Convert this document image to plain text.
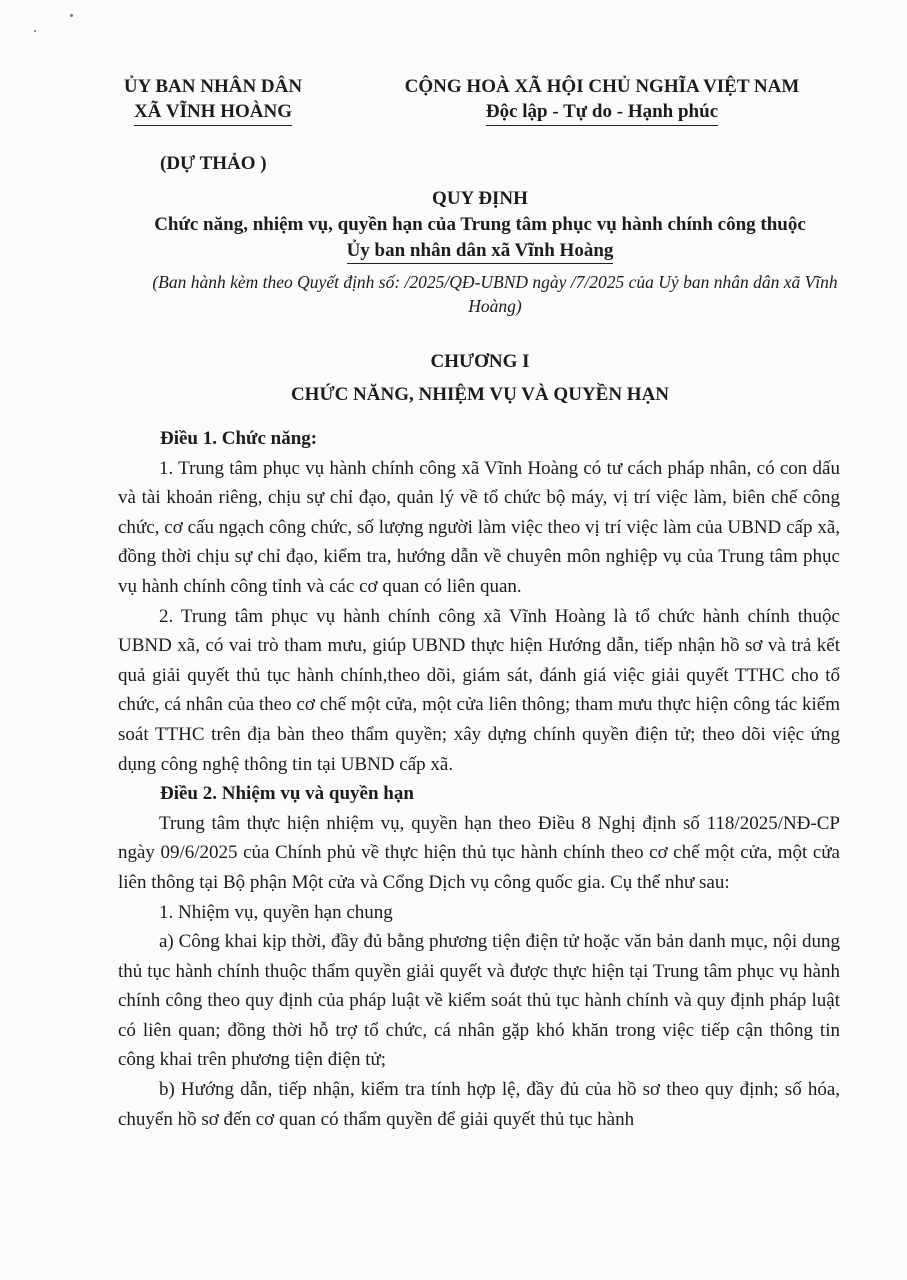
ỦY BAN NHÂN DÂN
XÃ VĨNH HOÀNG
CỘNG HOÀ XÃ HỘI CHỦ NGHĨA VIỆT NAM
Độc lập - Tự do - Hạnh phúc
(DỰ THẢO )
QUY ĐỊNH
Chức năng, nhiệm vụ, quyền hạn của Trung tâm phục vụ hành chính công thuộc
Ủy ban nhân dân xã Vĩnh Hoàng
(Ban hành kèm theo Quyết định số: /2025/QĐ-UBND ngày /7/2025 của Uỷ ban nhân dân xã Vĩnh Hoàng)
CHƯƠNG I
CHỨC NĂNG, NHIỆM VỤ VÀ QUYỀN HẠN

Điều 1. Chức năng:

1. Trung tâm phục vụ hành chính công xã Vĩnh Hoàng có tư cách pháp nhân, có con dấu và tài khoản riêng, chịu sự chỉ đạo, quản lý về tổ chức bộ máy, vị trí việc làm, biên chế công chức, cơ cấu ngạch công chức, số lượng người làm việc theo vị trí việc làm của UBND cấp xã, đồng thời chịu sự chỉ đạo, kiểm tra, hướng dẫn về chuyên môn nghiệp vụ của Trung tâm phục vụ hành chính công tỉnh và các cơ quan có liên quan.

2. Trung tâm phục vụ hành chính công xã Vĩnh Hoàng là tổ chức hành chính thuộc UBND xã, có vai trò tham mưu, giúp UBND thực hiện Hướng dẫn, tiếp nhận hồ sơ và trả kết quả giải quyết thủ tục hành chính,theo dõi, giám sát, đánh giá việc giải quyết TTHC cho tổ chức, cá nhân của theo cơ chế một cửa, một cửa liên thông; tham mưu thực hiện công tác kiểm soát TTHC trên địa bàn theo thẩm quyền; xây dựng chính quyền điện tử; theo dõi việc ứng dụng công nghệ thông tin tại UBND cấp xã.

Điều 2. Nhiệm vụ và quyền hạn

Trung tâm thực hiện nhiệm vụ, quyền hạn theo Điều 8 Nghị định số 118/2025/NĐ-CP ngày 09/6/2025 của Chính phủ về thực hiện thủ tục hành chính theo cơ chế một cửa, một cửa liên thông tại Bộ phận Một cửa và Cổng Dịch vụ công quốc gia. Cụ thể như sau:

1. Nhiệm vụ, quyền hạn chung

a) Công khai kịp thời, đầy đủ bằng phương tiện điện tử hoặc văn bản danh mục, nội dung thủ tục hành chính thuộc thẩm quyền giải quyết và được thực hiện tại Trung tâm phục vụ hành chính công theo quy định của pháp luật về kiểm soát thủ tục hành chính và quy định pháp luật có liên quan; đồng thời hỗ trợ tổ chức, cá nhân gặp khó khăn trong việc tiếp cận thông tin công khai trên phương tiện điện tử;

b) Hướng dẫn, tiếp nhận, kiểm tra tính hợp lệ, đầy đủ của hồ sơ theo quy định; số hóa, chuyển hồ sơ đến cơ quan có thẩm quyền để giải quyết thủ tục hành
